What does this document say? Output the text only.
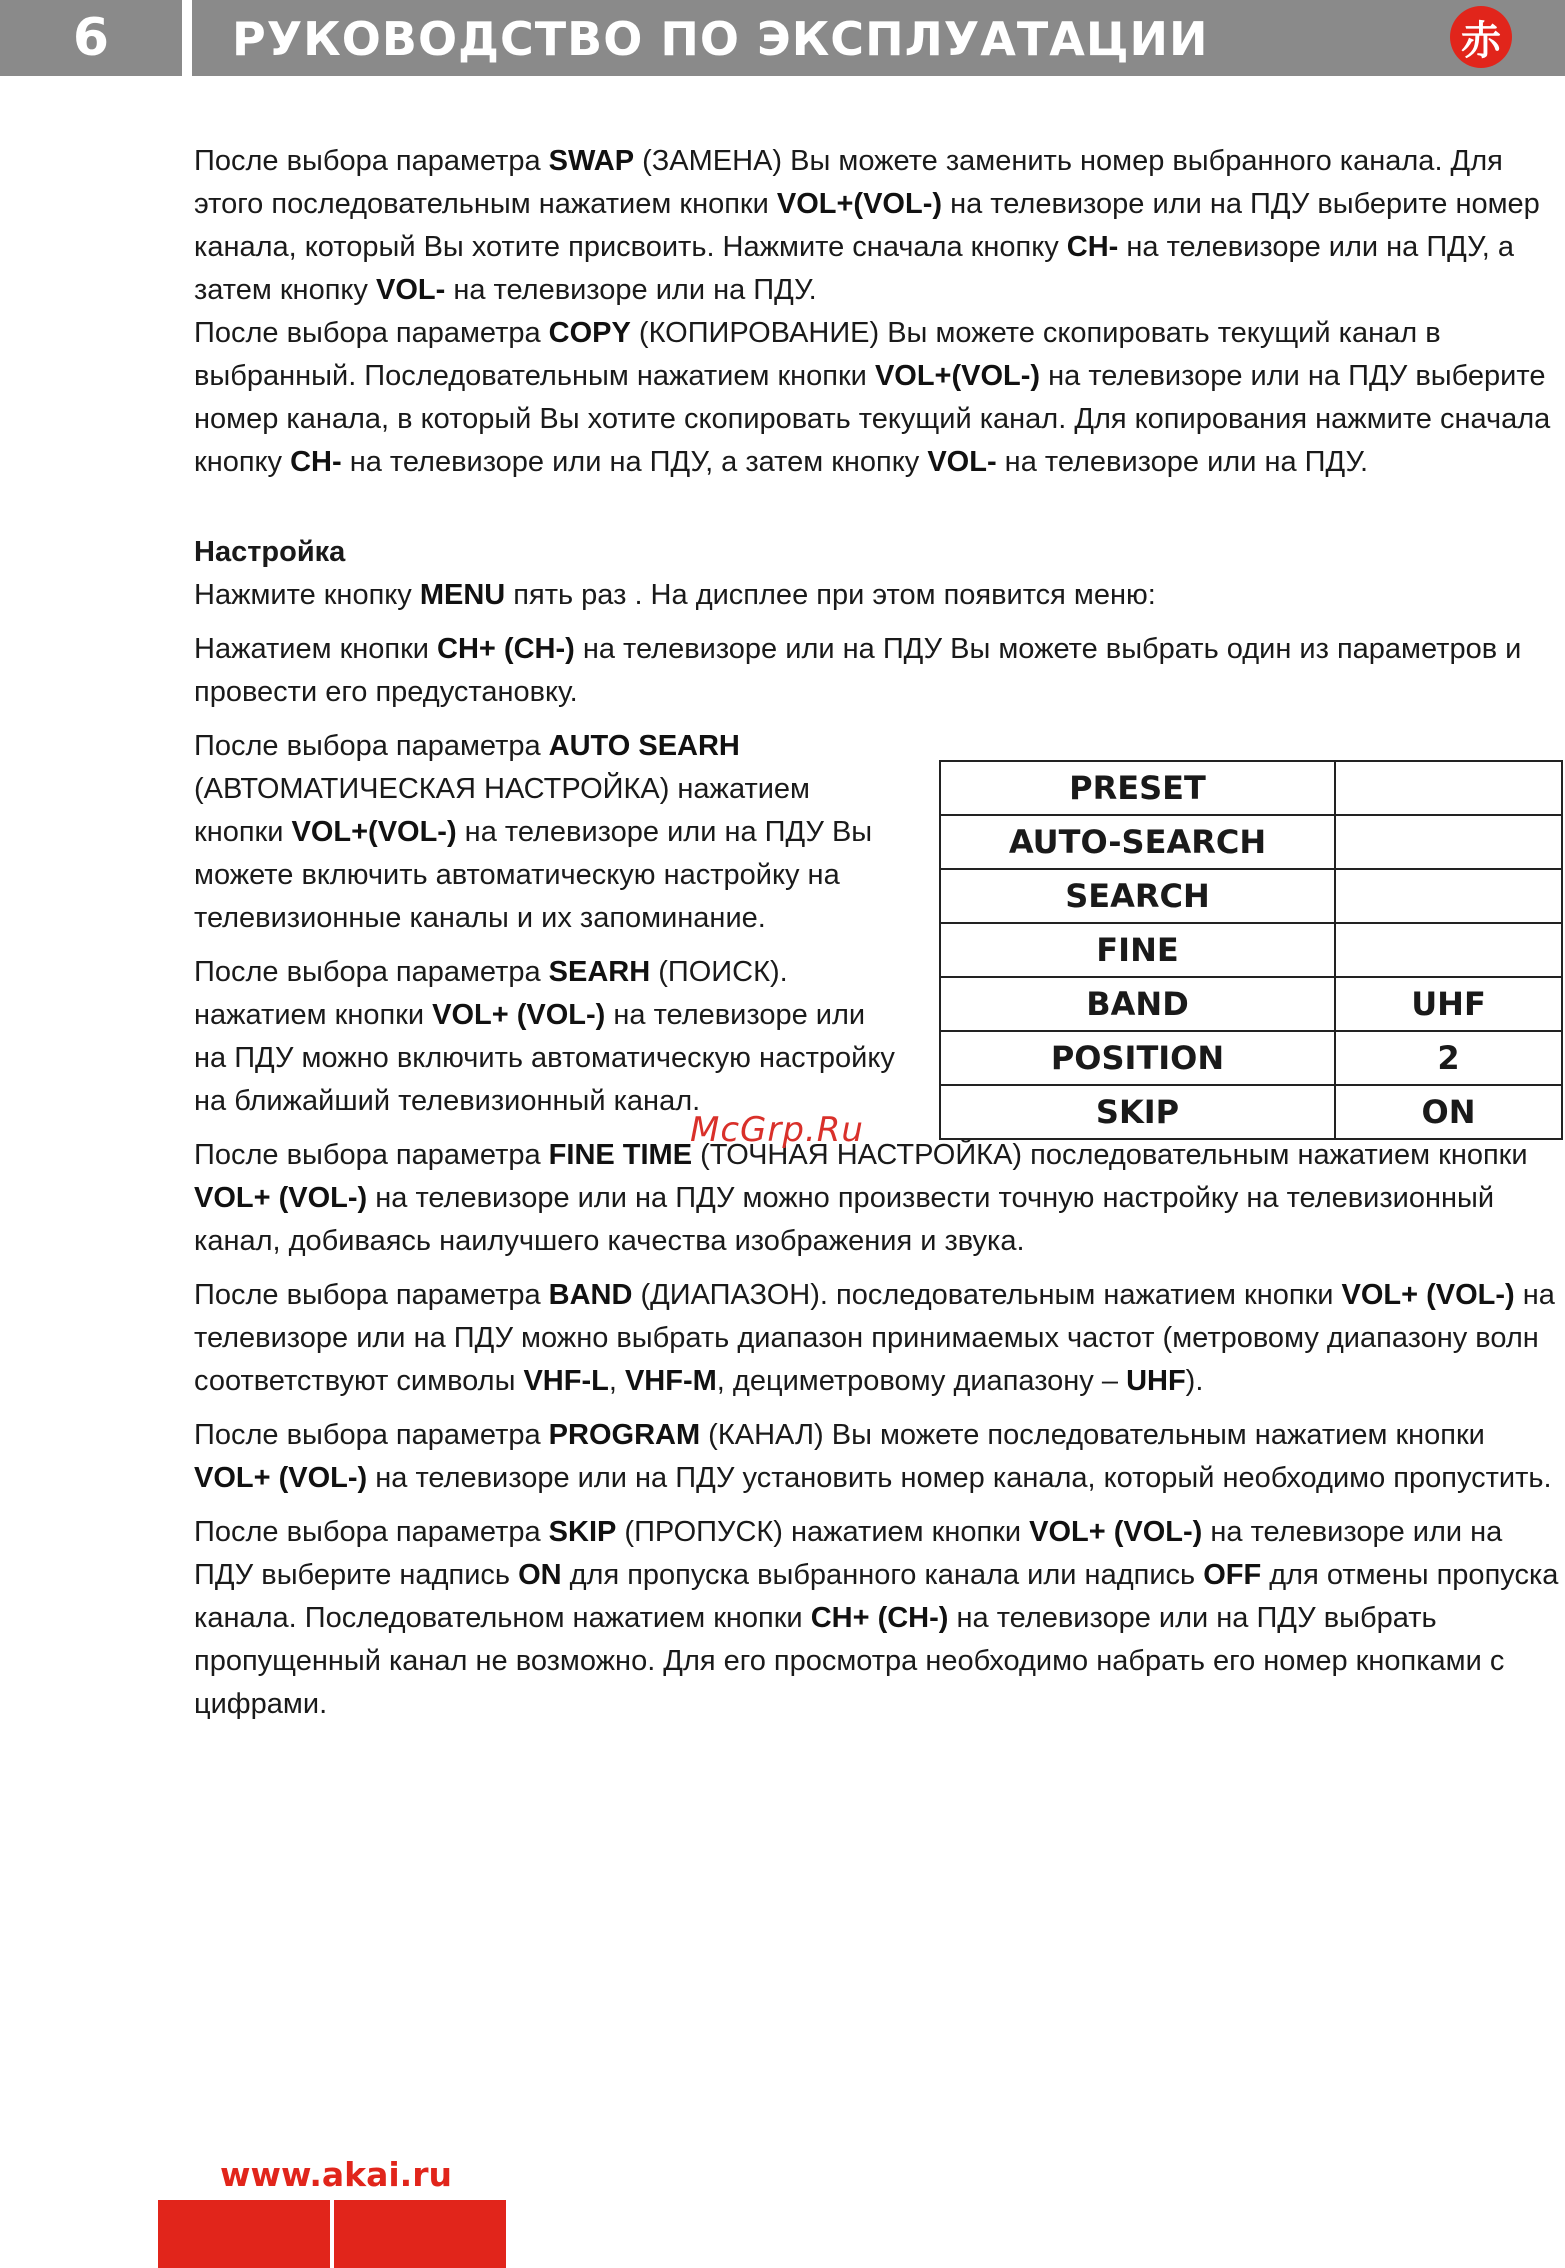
6	РУКОВОДСТВО ПО ЭКСПЛУАТАЦИИ	赤

После выбора параметра SWAP (ЗАМЕНА) Вы можете заменить номер выбранного канала. Для этого последовательным нажатием кнопки VOL+(VOL-) на телевизоре или на ПДУ выберите номер канала, который Вы хотите присвоить. Нажмите сначала кнопку CH- на телевизоре или на ПДУ, а затем кнопку VOL- на телевизоре или на ПДУ.

После выбора параметра COPY (КОПИРОВАНИЕ) Вы можете скопировать текущий канал в выбранный. Последовательным нажатием кнопки VOL+(VOL-) на телевизоре или на ПДУ выберите номер канала, в который Вы хотите скопировать текущий канал. Для копирования нажмите сначала кнопку CH- на телевизоре или на ПДУ, а затем кнопку VOL- на телевизоре или на ПДУ.

Настройка

Нажмите кнопку MENU пять раз . На дисплее при этом появится меню:

Нажатием кнопки CH+ (CH-) на телевизоре или на ПДУ Вы можете выбрать один из параметров и провести его предустановку.

После выбора параметра AUTO SEARH (АВТОМАТИЧЕСКАЯ НАСТРОЙКА) нажатием кнопки VOL+(VOL-) на телевизоре или на ПДУ Вы можете включить автоматическую настройку на телевизионные каналы и их запоминание.

После выбора параметра SEARH (ПОИСК). нажатием кнопки VOL+ (VOL-) на телевизоре или на ПДУ можно включить автоматическую настройку на ближайший телевизионный канал.

После выбора параметра FINE TIME (ТОЧНАЯ НАСТРОЙКА) последовательным нажатием кнопки VOL+ (VOL-) на телевизоре или на ПДУ можно произвести точную настройку на телевизионный канал, добиваясь наилучшего качества изображения и звука.

После выбора параметра BAND (ДИАПАЗОН). последовательным нажатием кнопки VOL+ (VOL-) на телевизоре или на ПДУ можно выбрать диапазон принимаемых частот (метровому диапазону волн соответствуют символы VHF-L, VHF-M, дециметровому диапазону – UHF).

После выбора параметра PROGRAM (КАНАЛ) Вы можете последовательным нажатием кнопки VOL+ (VOL-) на телевизоре или на ПДУ установить номер канала, который необходимо пропустить.

После выбора параметра SKIP (ПРОПУСК) нажатием кнопки VOL+ (VOL-) на телевизоре или на ПДУ выберите надпись ON для пропуска выбранного канала или надпись OFF для отмены пропуска канала. Последовательном нажатием кнопки CH+ (CH-) на телевизоре или на ПДУ выбрать пропущенный канал не возможно. Для его просмотра необходимо набрать его номер кнопками с цифрами.

PRESET	
AUTO-SEARCH	
SEARCH	
FINE	
BAND	UHF
POSITION	2
SKIP	ON
McGrp.Ru
www.akai.ru
